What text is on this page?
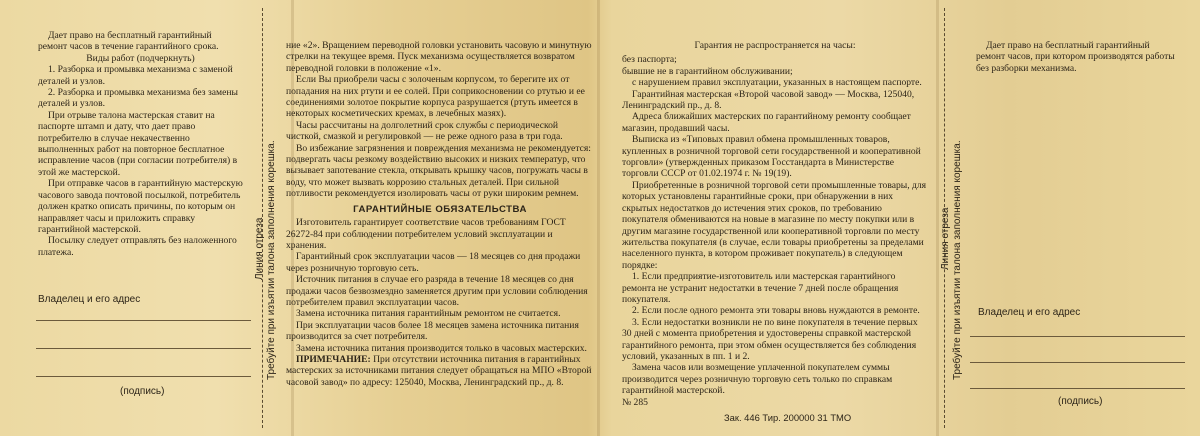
Дает право на бесплатный гарантийный ремонт часов в течение гарантийного срока.

Виды работ (подчеркнуть)

1. Разборка и промывка механизма с заменой деталей и узлов.

2. Разборка и промывка механизма без замены деталей и узлов.

При отрыве талона мастерская ставит на паспорте штамп и дату, что дает право потребителю в случае некачественно выполненных работ на повторное бесплатное исправление часов (при согласии потребителя) в этой же мастерской.

При отправке часов в гарантийную мастерскую часового завода почтовой посылкой, потребитель должен кратко описать причины, по которым он направляет часы и приложить справку гарантийной мастерской.

Посылку следует отправлять без наложенного платежа.

Владелец и его адрес
(подпись)
Линия отреза Требуйте при изъятии талона заполнения корешка.

ние «2». Вращением переводной головки установить часовую и минутную стрелки на текущее время. Пуск механизма осуществляется возвратом переводной головки в положение «1».

Если Вы приобрели часы с золоченым корпусом, то берегите их от попадания на них ртути и ее солей. При соприкосновении со ртутью и ее соединениями золотое покрытие корпуса разрушается (ртуть имеется в некоторых косметических кремах, в лечебных мазях).

Часы рассчитаны на долголетний срок службы с периодической чисткой, смазкой и регулировкой — не реже одного раза в три года.

Во избежание загрязнения и повреждения механизма не рекомендуется: подвергать часы резкому воздействию высоких и низких температур, что вызывает запотевание стекла, открывать крышку часов, погружать часы в воду, что может вызвать коррозию стальных деталей. При сильной потливости рекомендуется изолировать часы от руки широким ремнем.

ГАРАНТИЙНЫЕ ОБЯЗАТЕЛЬСТВА

Изготовитель гарантирует соответствие часов требованиям ГОСТ 26272-84 при соблюдении потребителем условий эксплуатации и хранения.

Гарантийный срок эксплуатации часов — 18 месяцев со дня продажи через розничную торговую сеть.

Источник питания в случае его разряда в течение 18 месяцев со дня продажи часов безвозмездно заменяется другим при условии соблюдения потребителем правил эксплуатации часов.

Замена источника питания гарантийным ремонтом не считается.

При эксплуатации часов более 18 месяцев замена источника питания производится за счет потребителя.

Замена источника питания производится только в часовых мастерских.

ПРИМЕЧАНИЕ: При отсутствии источника питания в гарантийных мастерских за источниками питания следует обращаться на МПО «Второй часовой завод» по адресу: 125040, Москва, Ленинградский пр., д. 8.

Гарантия не распространяется на часы:

без паспорта;

бывшие не в гарантийном обслуживании;

с нарушением правил эксплуатации, указанных в настоящем паспорте.

Гарантийная мастерская «Второй часовой завод» — Москва, 125040, Ленинградский пр., д. 8.

Адреса ближайших мастерских по гарантийному ремонту сообщает магазин, продавший часы.

Выписка из «Типовых правил обмена промышленных товаров, купленных в розничной торговой сети государственной и кооперативной торговли» (утвержденных приказом Госстандарта в Министерстве торговли СССР от 01.02.1974 г. № 19(19).

Приобретенные в розничной торговой сети промышленные товары, для которых установлены гарантийные сроки, при обнаружении в них скрытых недостатков до истечения этих сроков, по требованию покупателя обмениваются на новые в магазине по месту покупки или в другим магазине государственной или кооперативной торговли по месту жительства покупателя (в случае, если товары приобретены за пределами населенного пункта, в котором проживает покупатель) в следующем порядке:

1. Если предприятие-изготовитель или мастерская гарантийного ремонта не устранит недостатки в течение 7 дней после обращения покупателя.

2. Если после одного ремонта эти товары вновь нуждаются в ремонте.

3. Если недостатки возникли не по вине покупателя в течение первых 30 дней с момента приобретения и удостоверены справкой мастерской гарантийного ремонта, при этом обмен осуществляется без соблюдения условий, указанных в пп. 1 и 2.

Замена часов или возмещение уплаченной покупателем суммы производится через розничную торговую сеть только по справкам гарантийной мастерской.

№ 285

Линия отреза Требуйте при изъятии талона заполнения корешка.

Дает право на бесплатный гарантийный ремонт часов, при котором производятся работы без разборки механизма.

Владелец и его адрес
(подпись)
Зак. 446 Тир. 200000 31 ТМО
